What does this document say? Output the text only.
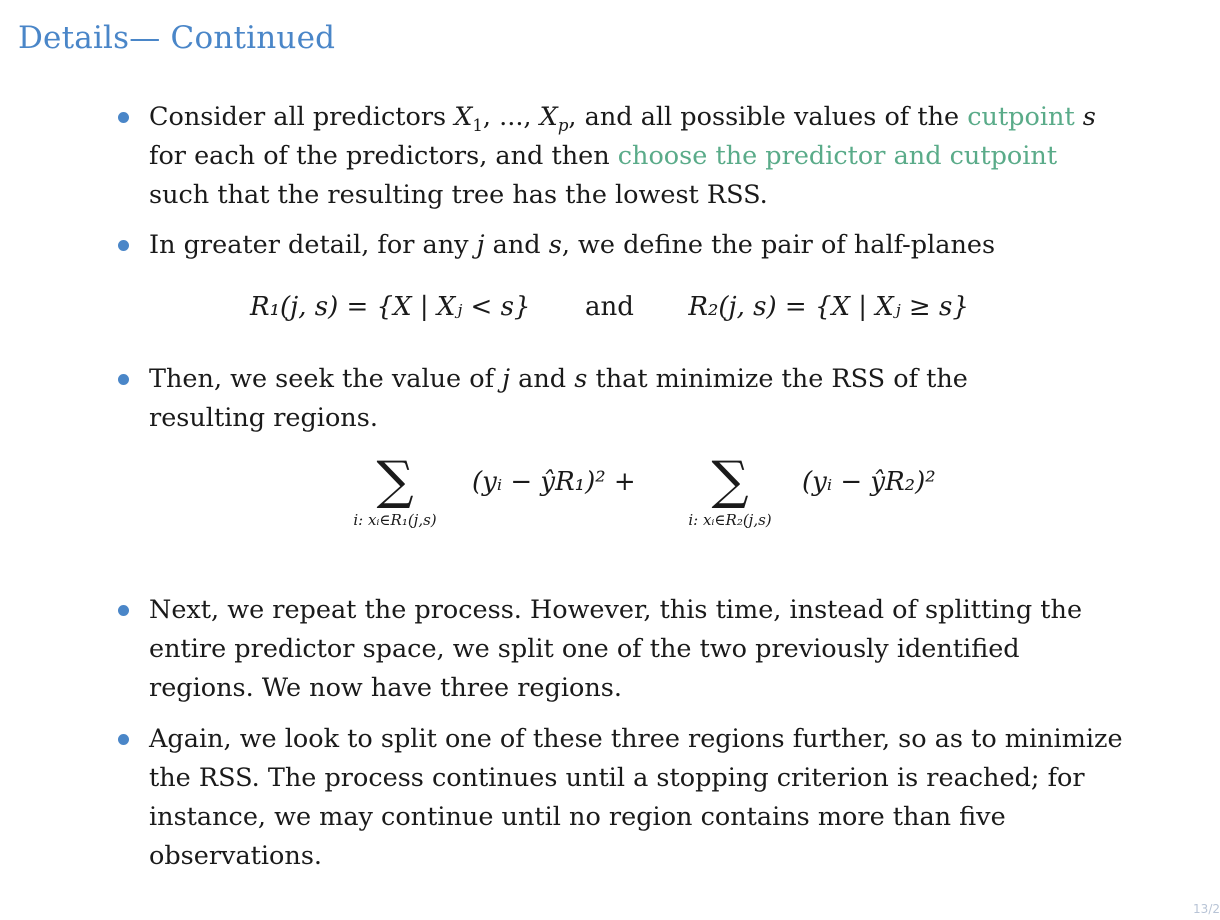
Details— Continued
Consider all predictors $X_1$, ..., $X_p$, and all possible values of the cutpoint s for each of the predictors, and then choose the predictor and cutpoint such that the resulting tree has the lowest RSS.
In greater detail, for any j and s, we define the pair of half-planes
R₁(j, s) = {X | Xⱼ < s} and R₂(j, s) = {X | Xⱼ ≥ s}
Then, we seek the value of j and s that minimize the RSS of the resulting regions.
∑
i: xᵢ∈R₁(j,s)
(yᵢ − ŷR₁)² +	∑
i: xᵢ∈R₂(j,s)
(yᵢ − ŷR₂)²
Next, we repeat the process. However, this time, instead of splitting the entire predictor space, we split one of the two previously identified regions. We now have three regions.
Again, we look to split one of these three regions further, so as to minimize the RSS. The process continues until a stopping criterion is reached; for instance, we may continue until no region contains more than five observations.
13/2
